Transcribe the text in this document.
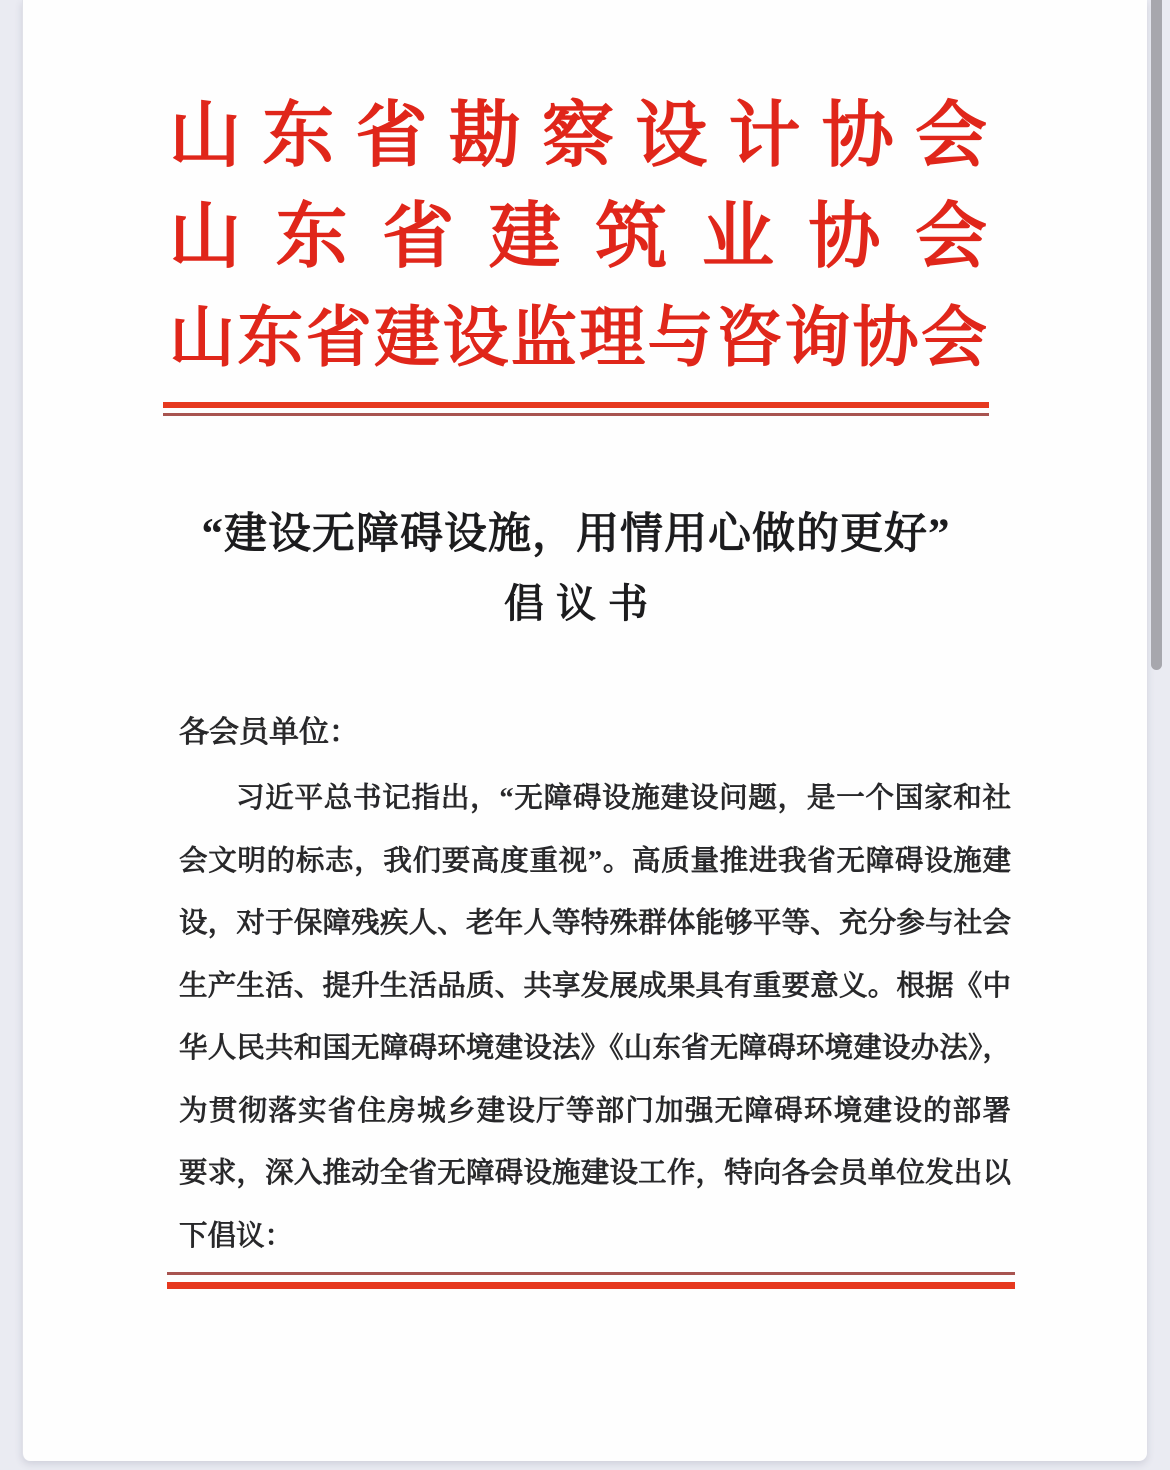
山东省勘察设计协会
山东省建筑业协会
山东省建设监理与咨询协会
“建设无障碍设施，用情用心做的更好”
倡议书
各会员单位：
习近平总书记指出，“无障碍设施建设问题，是一个国家和社
会文明的标志，我们要高度重视”。高质量推进我省无障碍设施建
设，对于保障残疾人、老年人等特殊群体能够平等、充分参与社会
生产生活、提升生活品质、共享发展成果具有重要意义。根据《中
华人民共和国无障碍环境建设法》《山东省无障碍环境建设办法》，
为贯彻落实省住房城乡建设厅等部门加强无障碍环境建设的部署
要求，深入推动全省无障碍设施建设工作，特向各会员单位发出以
下倡议：
